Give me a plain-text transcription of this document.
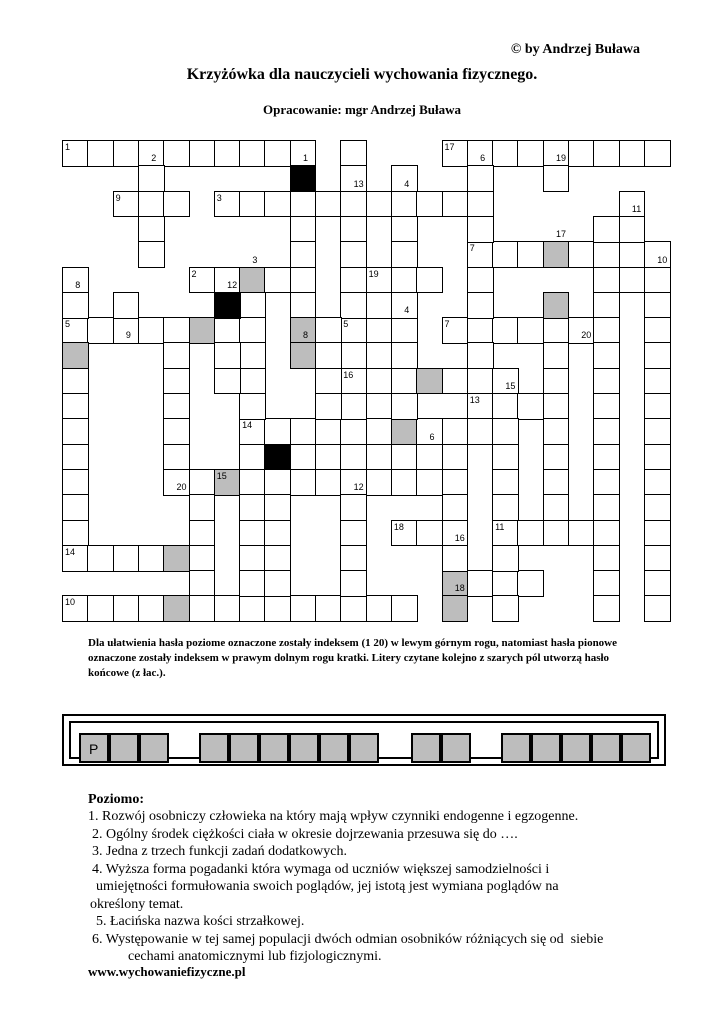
© by Andrzej Buława
Krzyżówka dla nauczycieli wychowania fizycznego.
Opracowanie: mgr Andrzej Buława
1
2	1
17
6	19
13	4
9	3
11
17
7
10
3
8
2
12
19
4
5
9	8
5	7
20
16
15
13
14
6
15
20	12
18
16
11
14
18
10
Dla ułatwienia hasła poziome oznaczone zostały indeksem (1 20) w lewym górnym rogu, natomiast hasła pionowe oznaczone zostały indeksem w prawym dolnym rogu kratki. Litery czytane kolejno z szarych pól utworzą hasło końcowe (z łac.).
P
Poziomo:
1. Rozwój osobniczy człowieka na który mają wpływ czynniki endogenne i egzogenne.
2. Ogólny środek ciężkości ciała w okresie dojrzewania przesuwa się do ….
3. Jedna z trzech funkcji zadań dodatkowych.
4. Wyższa forma pogadanki która wymaga od uczniów większej samodzielności i
umiejętności formułowania swoich poglądów, jej istotą jest wymiana poglądów na
określony temat.
5. Łacińska nazwa kości strzałkowej.
6. Występowanie w tej samej populacji dwóch odmian osobników różniących się od  siebie
cechami anatomicznymi lub fizjologicznymi.
www.wychowaniefizyczne.pl
